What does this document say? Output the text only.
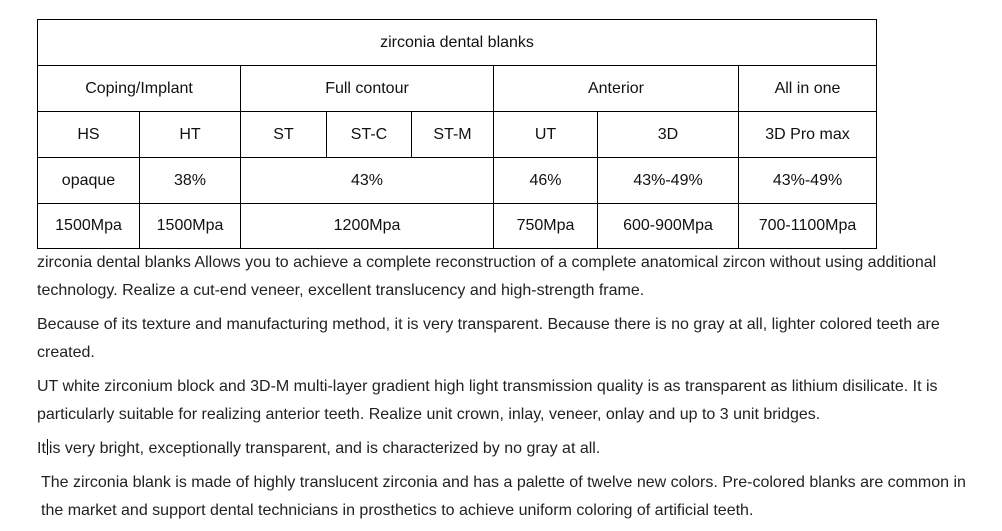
zirconia dental blanks							
Coping/Implant		Full contour			Anterior		All in one
HS	HT	ST	ST-C	ST-M	UT	3D	3D Pro max
opaque	38%	43%			46%	43%-49%	43%-49%
1500Mpa	1500Mpa	1200Mpa			750Mpa	600-900Mpa	700-1100Mpa

zirconia dental blanks Allows you to achieve a complete reconstruction of a complete anatomical zircon without using additional technology. Realize a cut-end veneer, excellent translucency and high-strength frame.

Because of its texture and manufacturing method, it is very transparent. Because there is no gray at all, lighter colored teeth are created.

UT white zirconium block and 3D-M multi-layer gradient high light transmission quality is as transparent as lithium disilicate. It is particularly suitable for realizing anterior teeth. Realize unit crown, inlay, veneer, onlay and up to 3 unit bridges.

It is very bright, exceptionally transparent, and is characterized by no gray at all.

The zirconia blank is made of highly translucent zirconia and has a palette of twelve new colors. Pre-colored blanks are common in the market and support dental technicians in prosthetics to achieve uniform coloring of artificial teeth.
